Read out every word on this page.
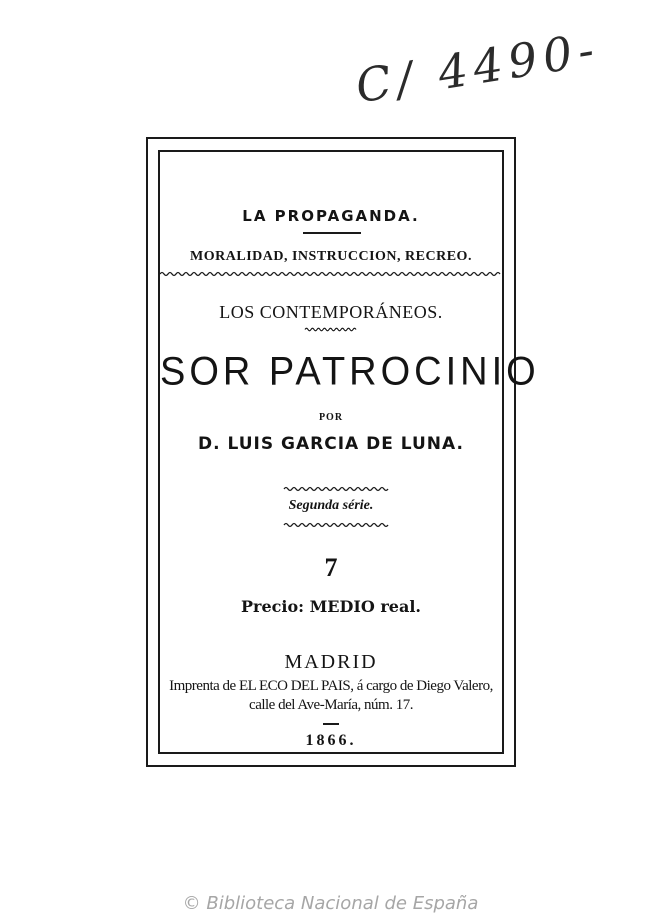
C/ 4490-
LA PROPAGANDA.
MORALIDAD, INSTRUCCION, RECREO.
LOS CONTEMPORÁNEOS.
SOR PATROCINIO
POR
D. LUIS GARCIA DE LUNA.
Segunda série.
7
Precio: MEDIO real.
MADRID
Imprenta de EL ECO DEL PAIS, á cargo de Diego Valero,
calle del Ave-María, núm. 17.
1866.
© Biblioteca Nacional de España
